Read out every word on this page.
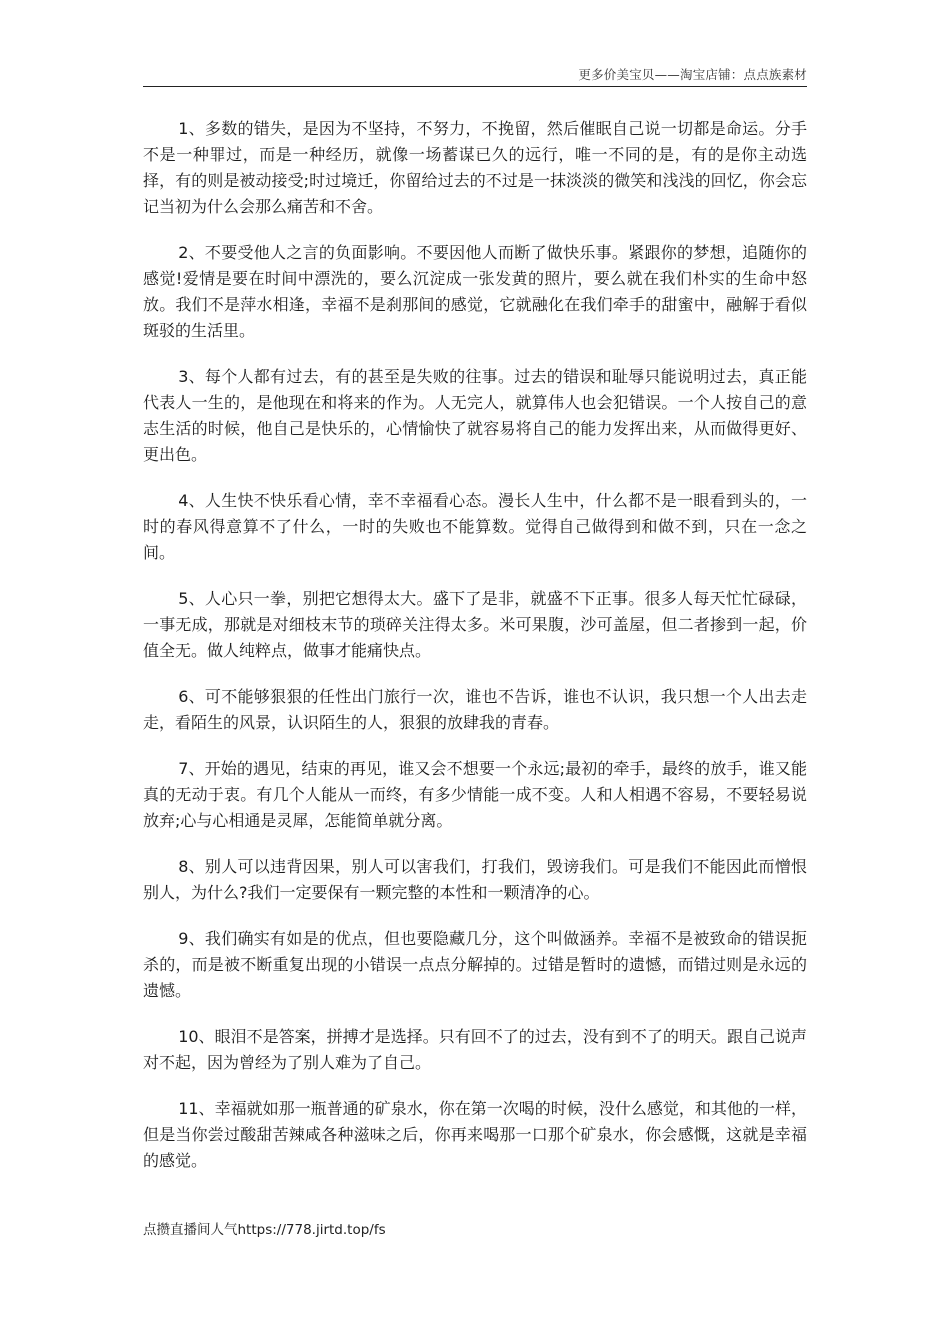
更多价美宝贝——淘宝店铺：点点族素材

1、多数的错失，是因为不坚持，不努力，不挽留，然后催眠自己说一切都是命运。分手不是一种罪过，而是一种经历，就像一场蓄谋已久的远行，唯一不同的是，有的是你主动选择，有的则是被动接受;时过境迁，你留给过去的不过是一抹淡淡的微笑和浅浅的回忆，你会忘记当初为什么会那么痛苦和不舍。

2、不要受他人之言的负面影响。不要因他人而断了做快乐事。紧跟你的梦想，追随你的感觉!爱情是要在时间中漂洗的，要么沉淀成一张发黄的照片，要么就在我们朴实的生命中怒放。我们不是萍水相逢，幸福不是刹那间的感觉，它就融化在我们牵手的甜蜜中，融解于看似斑驳的生活里。

3、每个人都有过去，有的甚至是失败的往事。过去的错误和耻辱只能说明过去，真正能代表人一生的，是他现在和将来的作为。人无完人，就算伟人也会犯错误。一个人按自己的意志生活的时候，他自己是快乐的，心情愉快了就容易将自己的能力发挥出来，从而做得更好、更出色。

4、人生快不快乐看心情，幸不幸福看心态。漫长人生中，什么都不是一眼看到头的，一时的春风得意算不了什么，一时的失败也不能算数。觉得自己做得到和做不到，只在一念之间。

5、人心只一拳，别把它想得太大。盛下了是非，就盛不下正事。很多人每天忙忙碌碌，一事无成，那就是对细枝末节的琐碎关注得太多。米可果腹，沙可盖屋，但二者掺到一起，价值全无。做人纯粹点，做事才能痛快点。

6、可不能够狠狠的任性出门旅行一次，谁也不告诉，谁也不认识，我只想一个人出去走走，看陌生的风景，认识陌生的人，狠狠的放肆我的青春。

7、开始的遇见，结束的再见，谁又会不想要一个永远;最初的牵手，最终的放手，谁又能真的无动于衷。有几个人能从一而终，有多少情能一成不变。人和人相遇不容易，不要轻易说放弃;心与心相通是灵犀，怎能简单就分离。

8、别人可以违背因果，别人可以害我们，打我们，毁谤我们。可是我们不能因此而憎恨别人，为什么?我们一定要保有一颗完整的本性和一颗清净的心。

9、我们确实有如是的优点，但也要隐藏几分，这个叫做涵养。幸福不是被致命的错误扼杀的，而是被不断重复出现的小错误一点点分解掉的。过错是暂时的遗憾，而错过则是永远的遗憾。

10、眼泪不是答案，拼搏才是选择。只有回不了的过去，没有到不了的明天。跟自己说声对不起，因为曾经为了别人难为了自己。

11、幸福就如那一瓶普通的矿泉水，你在第一次喝的时候，没什么感觉，和其他的一样，但是当你尝过酸甜苦辣咸各种滋味之后，你再来喝那一口那个矿泉水，你会感慨，这就是幸福的感觉。

点攒直播间人气https://778.jirtd.top/fs
